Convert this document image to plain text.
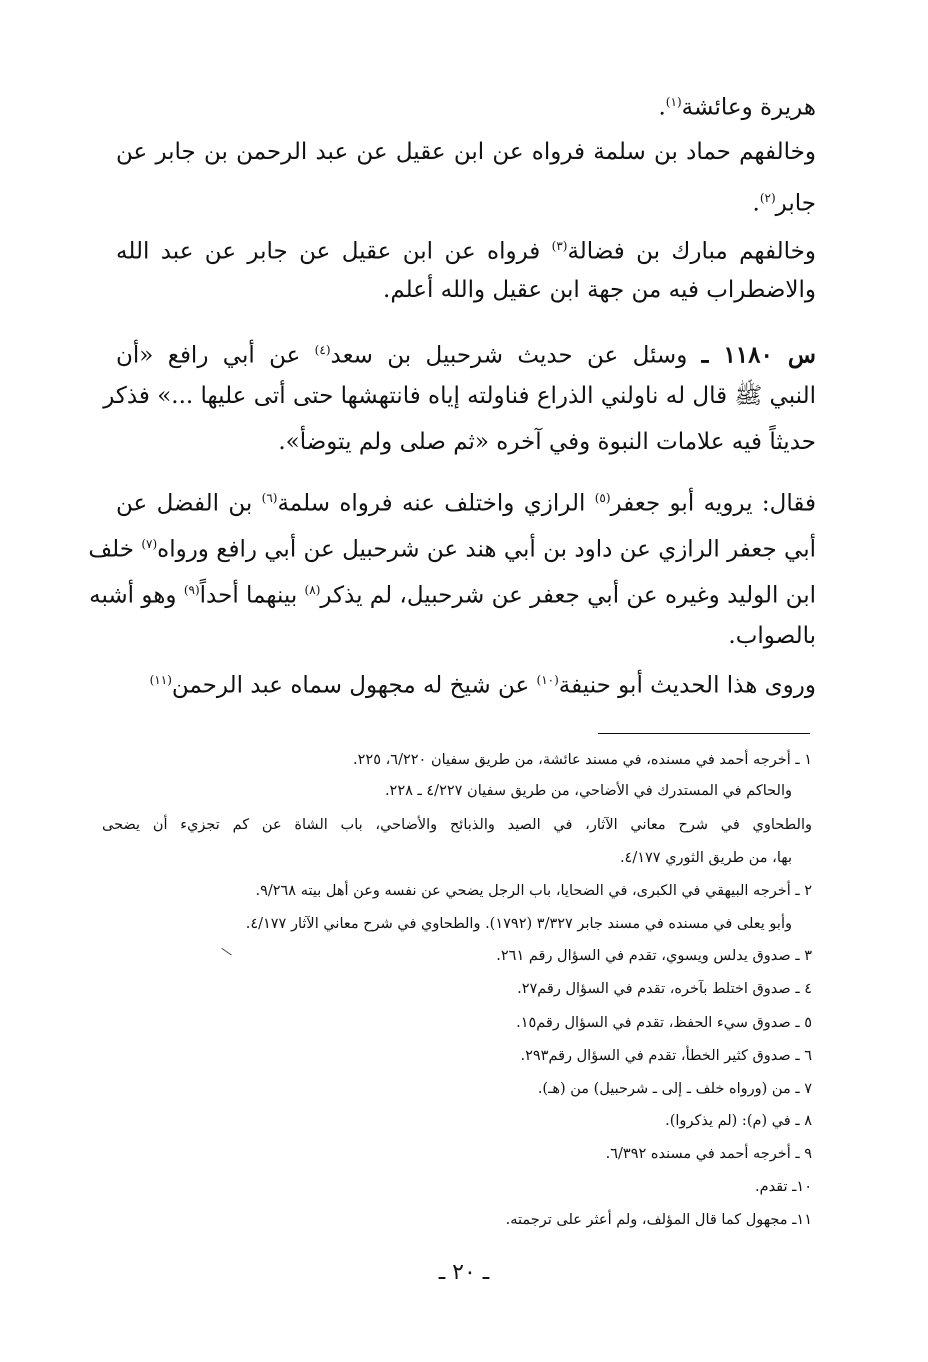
هريرة وعائشة$^{(١)}$.
وخالفهم حماد بن سلمة فرواه عن ابن عقيل عن عبد الرحمن بن جابر عن
جابر$^{(٢)}$.
وخالفهم مبارك بن فضالة$^{(٣)}$ فرواه عن ابن عقيل عن جابر عن عبد الله
والاضطراب فيه من جهة ابن عقيل والله أعلم.
س ١١٨٠ ـ وسئل عن حديث شرحبيل بن سعد$^{(٤)}$ عن أبي رافع «أن
النبي ﷺ قال له ناولني الذراع فناولته إياه فانتهشها حتى أتى عليها ...» فذكر
حديثاً فيه علامات النبوة وفي آخره «ثم صلى ولم يتوضأ».
فقال: يرويه أبو جعفر$^{(٥)}$ الرازي واختلف عنه فرواه سلمة$^{(٦)}$ بن الفضل عن
أبي جعفر الرازي عن داود بن أبي هند عن شرحبيل عن أبي رافع ورواه$^{(٧)}$ خلف
ابن الوليد وغيره عن أبي جعفر عن شرحبيل، لم يذكر$^{(٨)}$ بينهما أحداً$^{(٩)}$ وهو أشبه
بالصواب.
وروى هذا الحديث أبو حنيفة$^{(١٠)}$ عن شيخ له مجهول سماه عبد الرحمن$^{(١١)}$
١ ـ أخرجه أحمد في مسنده، في مسند عائشة، من طريق سفيان ٦/٢٢٠، ٢٢٥.
والحاكم في المستدرك في الأضاحي، من طريق سفيان ٤/٢٢٧ ـ ٢٢٨.
والطحاوي في شرح معاني الآثار، في الصيد والذبائح والأضاحي، باب الشاة عن كم تجزيء أن يضحى
بها، من طريق الثوري ٤/١٧٧.
٢ ـ أخرجه البيهقي في الكبرى، في الضحايا، باب الرجل يضحي عن نفسه وعن أهل بيته ٩/٢٦٨.
وأبو يعلى في مسنده في مسند جابر ٣/٣٢٧ (١٧٩٢). والطحاوي في شرح معاني الآثار ٤/١٧٧.
٣ ـ صدوق يدلس ويسوي، تقدم في السؤال رقم ٢٦١.
٤ ـ صدوق اختلط بآخره، تقدم في السؤال رقم٢٧.
٥ ـ صدوق سيء الحفظ، تقدم في السؤال رقم١٥.
٦ ـ صدوق كثير الخطأ، تقدم في السؤال رقم٢٩٣.
٧ ـ من (ورواه خلف ـ إلى ـ شرحبيل) من (هـ).
٨ ـ في (م): (لم يذكروا).
٩ ـ أخرجه أحمد في مسنده ٦/٣٩٢.
١٠ـ تقدم.
١١ـ مجهول كما قال المؤلف، ولم أعثر على ترجمته.
ـ ٢٠ ـ
